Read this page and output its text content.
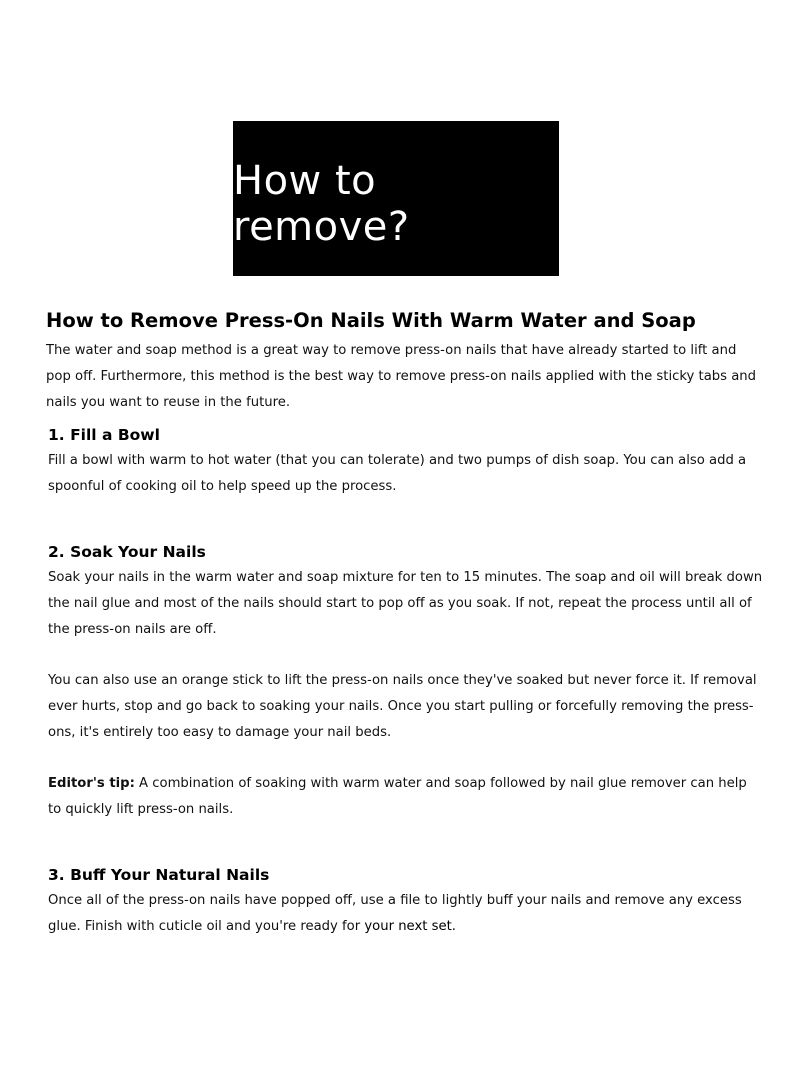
How to remove?
How to Remove Press-On Nails With Warm Water and Soap

The water and soap method is a great way to remove press-on nails that have already started to lift and pop off. Furthermore, this method is the best way to remove press-on nails applied with the sticky tabs and nails you want to reuse in the future.

1. Fill a Bowl

Fill a bowl with warm to hot water (that you can tolerate) and two pumps of dish soap. You can also add a spoonful of cooking oil to help speed up the process.

2. Soak Your Nails

Soak your nails in the warm water and soap mixture for ten to 15 minutes. The soap and oil will break down the nail glue and most of the nails should start to pop off as you soak. If not, repeat the process until all of the press-on nails are off.

You can also use an orange stick to lift the press-on nails once they've soaked but never force it. If removal ever hurts, stop and go back to soaking your nails. Once you start pulling or forcefully removing the press-ons, it's entirely too easy to damage your nail beds.

Editor's tip: A combination of soaking with warm water and soap followed by nail glue remover can help to quickly lift press-on nails.

3. Buff Your Natural Nails

Once all of the press-on nails have popped off, use a file to lightly buff your nails and remove any excess glue. Finish with cuticle oil and you're ready for your next set.
